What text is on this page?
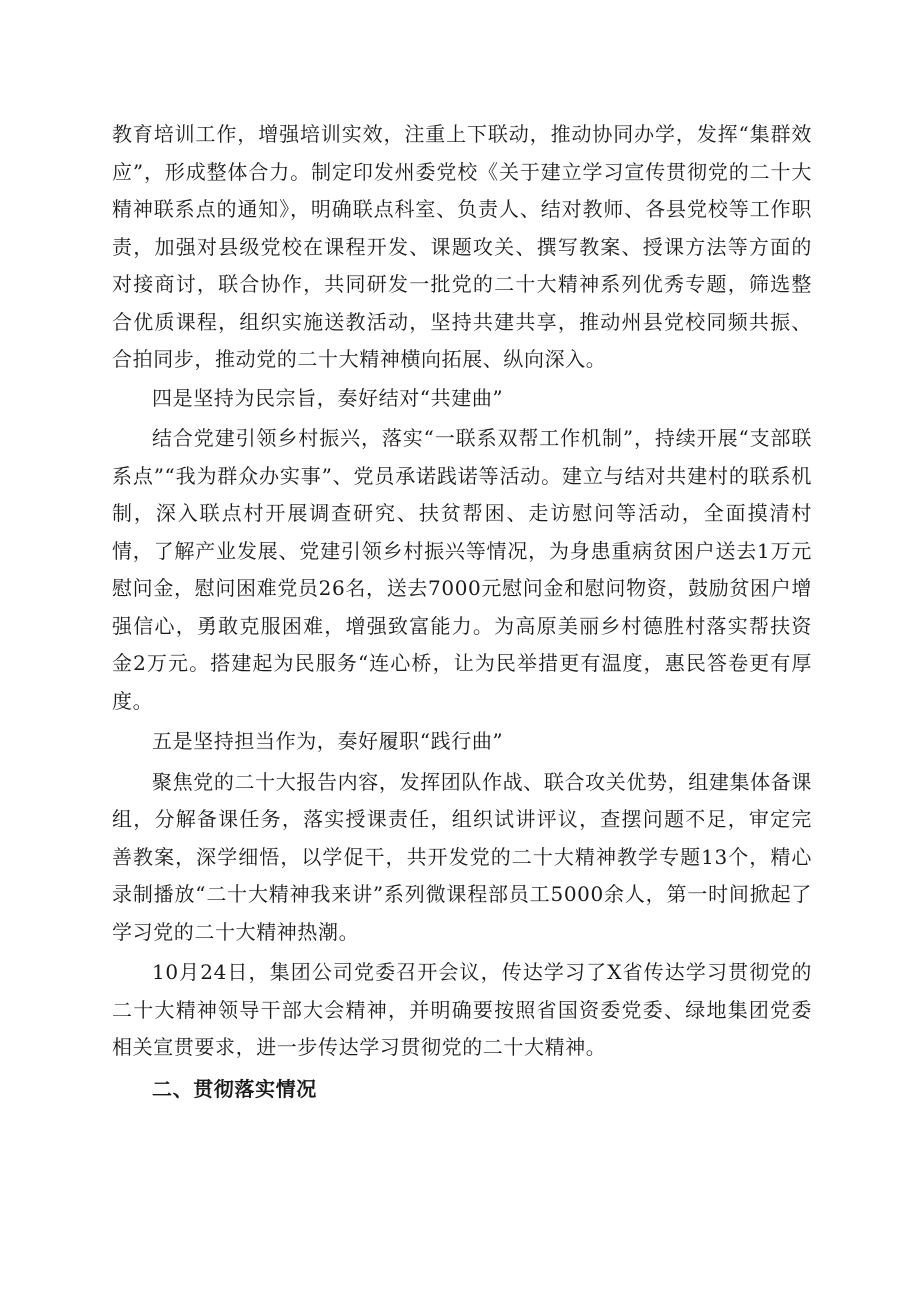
教育培训工作，增强培训实效，注重上下联动，推动协同办学，发挥“集群效应”，形成整体合力。制定印发州委党校《关于建立学习宣传贯彻党的二十大精神联系点的通知》，明确联点科室、负责人、结对教师、各县党校等工作职责，加强对县级党校在课程开发、课题攻关、撰写教案、授课方法等方面的对接商讨，联合协作，共同研发一批党的二十大精神系列优秀专题，筛选整合优质课程，组织实施送教活动，坚持共建共享，推动州县党校同频共振、合拍同步，推动党的二十大精神横向拓展、纵向深入。

四是坚持为民宗旨，奏好结对“共建曲”

结合党建引领乡村振兴，落实“一联系双帮工作机制”，持续开展“支部联系点”“我为群众办实事”、党员承诺践诺等活动。建立与结对共建村的联系机制，深入联点村开展调查研究、扶贫帮困、走访慰问等活动，全面摸清村情，了解产业发展、党建引领乡村振兴等情况，为身患重病贫困户送去1万元慰问金，慰问困难党员26名，送去7000元慰问金和慰问物资，鼓励贫困户增强信心，勇敢克服困难，增强致富能力。为高原美丽乡村德胜村落实帮扶资金2万元。搭建起为民服务“连心桥，让为民举措更有温度，惠民答卷更有厚度。

五是坚持担当作为，奏好履职“践行曲”

聚焦党的二十大报告内容，发挥团队作战、联合攻关优势，组建集体备课组，分解备课任务，落实授课责任，组织试讲评议，查摆问题不足，审定完善教案，深学细悟，以学促干，共开发党的二十大精神教学专题13个，精心录制播放“二十大精神我来讲”系列微课程部员工5000余人，第一时间掀起了学习党的二十大精神热潮。

10月24日，集团公司党委召开会议，传达学习了X省传达学习贯彻党的二十大精神领导干部大会精神，并明确要按照省国资委党委、绿地集团党委相关宣贯要求，进一步传达学习贯彻党的二十大精神。

二、贯彻落实情况
